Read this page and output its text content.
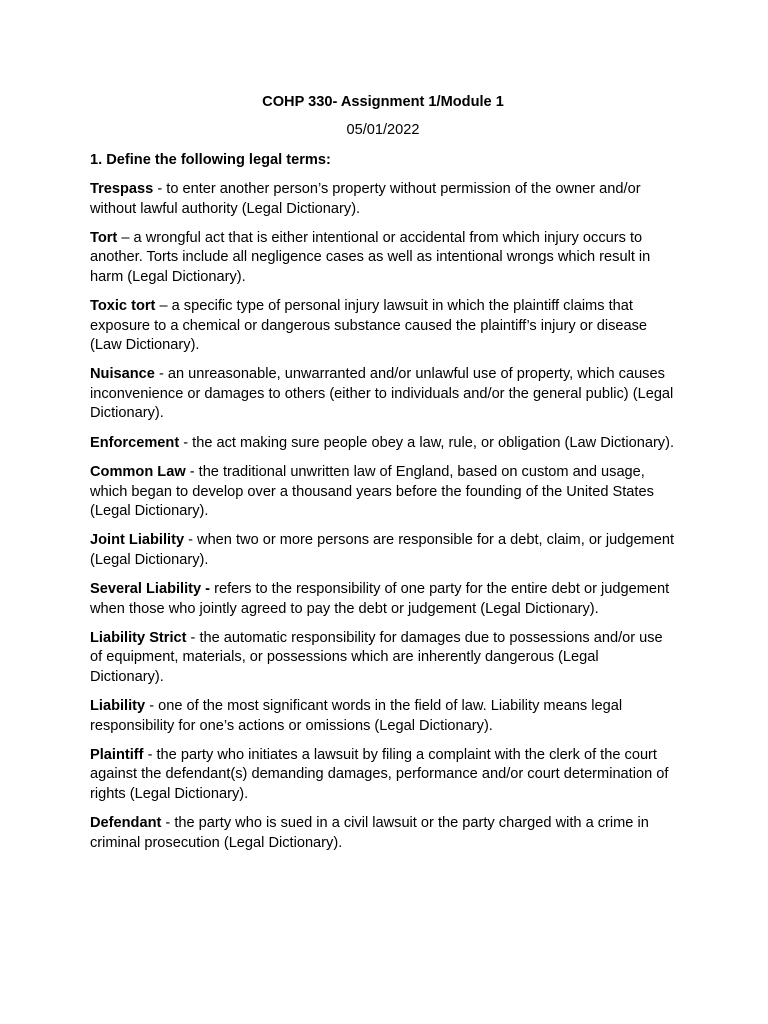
COHP 330- Assignment 1/Module 1

05/01/2022

1. Define the following legal terms:

Trespass - to enter another person’s property without permission of the owner and/or without lawful authority (Legal Dictionary).

Tort – a wrongful act that is either intentional or accidental from which injury occurs to another. Torts include all negligence cases as well as intentional wrongs which result in harm (Legal Dictionary).

Toxic tort – a specific type of personal injury lawsuit in which the plaintiff claims that exposure to a chemical or dangerous substance caused the plaintiff’s injury or disease (Law Dictionary).

Nuisance - an unreasonable, unwarranted and/or unlawful use of property, which causes inconvenience or damages to others (either to individuals and/or the general public) (Legal Dictionary).

Enforcement - the act making sure people obey a law, rule, or obligation (Law Dictionary).

Common Law - the traditional unwritten law of England, based on custom and usage, which began to develop over a thousand years before the founding of the United States (Legal Dictionary).

Joint Liability - when two or more persons are responsible for a debt, claim, or judgement (Legal Dictionary).

Several Liability - refers to the responsibility of one party for the entire debt or judgement when those who jointly agreed to pay the debt or judgement (Legal Dictionary).

Liability Strict - the automatic responsibility for damages due to possessions and/or use of equipment, materials, or possessions which are inherently dangerous (Legal Dictionary).

Liability - one of the most significant words in the field of law. Liability means legal responsibility for one’s actions or omissions (Legal Dictionary).

Plaintiff - the party who initiates a lawsuit by filing a complaint with the clerk of the court against the defendant(s) demanding damages, performance and/or court determination of rights (Legal Dictionary).

Defendant - the party who is sued in a civil lawsuit or the party charged with a crime in criminal prosecution (Legal Dictionary).
